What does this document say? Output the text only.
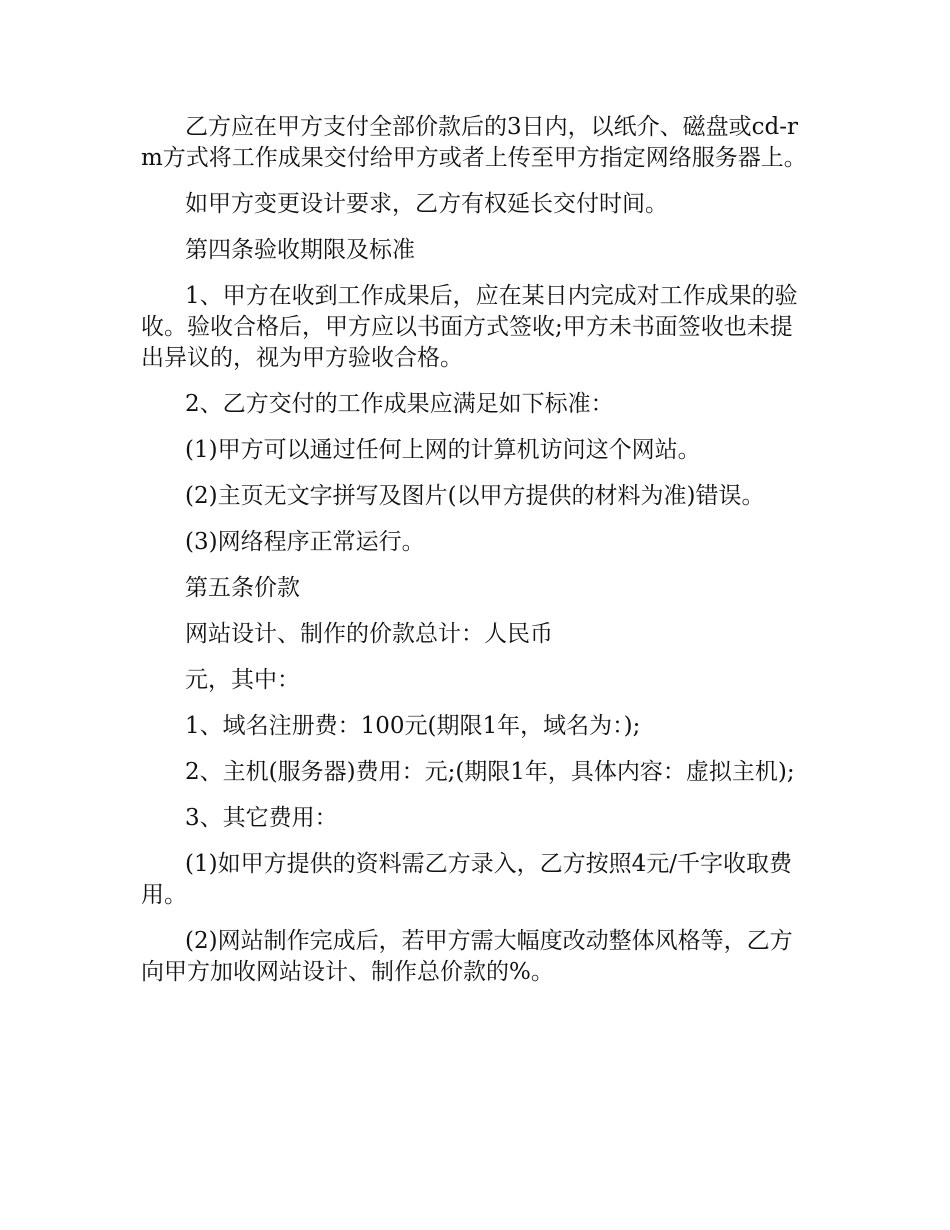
乙方应在甲方支付全部价款后的3日内，以纸介、磁盘或cd-rm方式将工作成果交付给甲方或者上传至甲方指定网络服务器上。

如甲方变更设计要求，乙方有权延长交付时间。

第四条验收期限及标准

1、甲方在收到工作成果后，应在某日内完成对工作成果的验收。验收合格后，甲方应以书面方式签收;甲方未书面签收也未提出异议的，视为甲方验收合格。

2、乙方交付的工作成果应满足如下标准：

(1)甲方可以通过任何上网的计算机访问这个网站。

(2)主页无文字拼写及图片(以甲方提供的材料为准)错误。

(3)网络程序正常运行。

第五条价款

网站设计、制作的价款总计：人民币

元，其中：

1、域名注册费：100元(期限1年，域名为：);

2、主机(服务器)费用：元;(期限1年，具体内容：虚拟主机);

3、其它费用：

(1)如甲方提供的资料需乙方录入，乙方按照4元/千字收取费用。

(2)网站制作完成后，若甲方需大幅度改动整体风格等，乙方向甲方加收网站设计、制作总价款的%。
